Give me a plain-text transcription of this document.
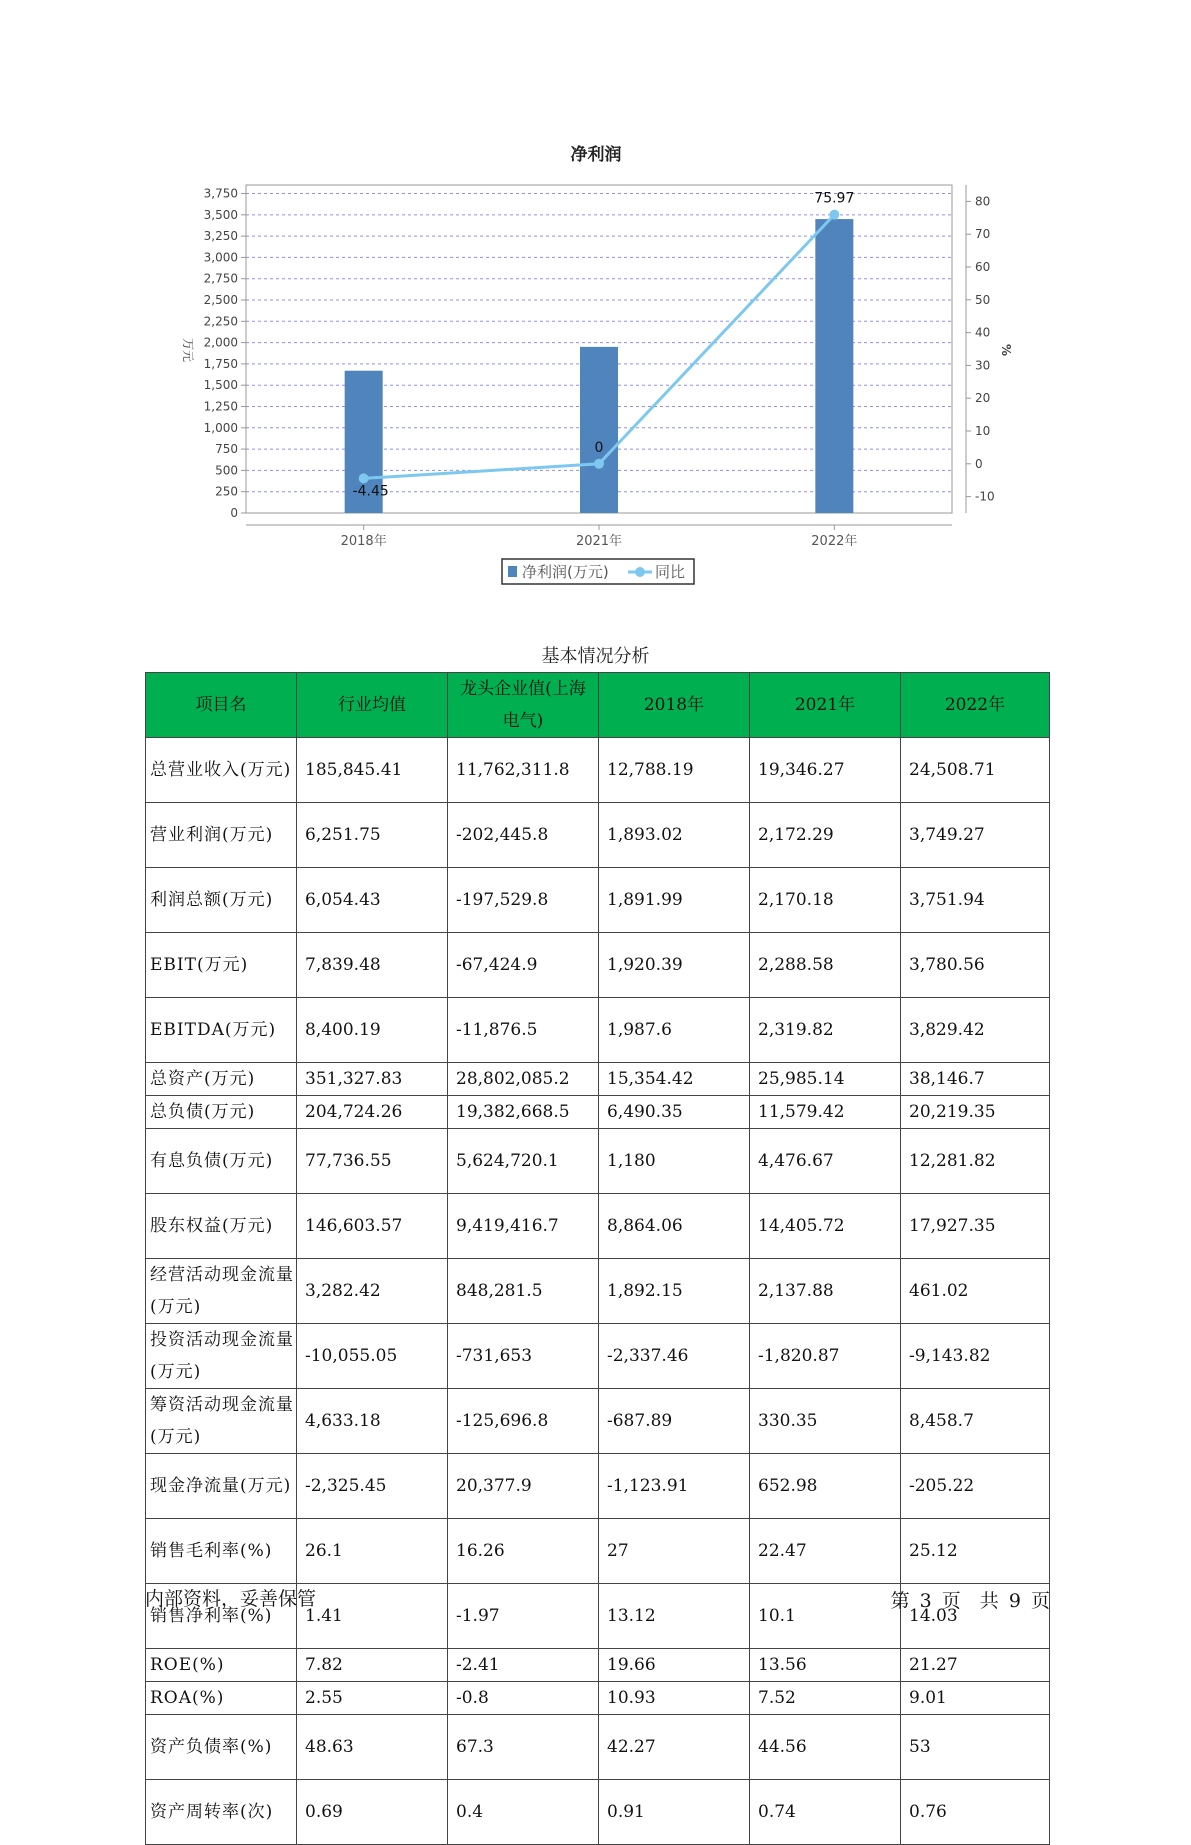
净利润
0
250
500
750
1,000
1,250
1,500
1,750
2,000
2,250
2,500
2,750
3,000
3,250
3,500
3,750
-10
0
10
20
30
40
50
60
70
80
2018年	2021年	2022年
-4.45
0
75.97
万元	%
净利润(万元)	同比
基本情况分析
项目名	行业均值	龙头企业值(上海电气)	2018年	2021年	2022年
总营业收入(万元)	185,845.41	11,762,311.8	12,788.19	19,346.27	24,508.71
营业利润(万元)	6,251.75	-202,445.8	1,893.02	2,172.29	3,749.27
利润总额(万元)	6,054.43	-197,529.8	1,891.99	2,170.18	3,751.94
EBIT(万元)	7,839.48	-67,424.9	1,920.39	2,288.58	3,780.56
EBITDA(万元)	8,400.19	-11,876.5	1,987.6	2,319.82	3,829.42
总资产(万元)	351,327.83	28,802,085.2	15,354.42	25,985.14	38,146.7
总负债(万元)	204,724.26	19,382,668.5	6,490.35	11,579.42	20,219.35
有息负债(万元)	77,736.55	5,624,720.1	1,180	4,476.67	12,281.82
股东权益(万元)	146,603.57	9,419,416.7	8,864.06	14,405.72	17,927.35
经营活动现金流量(万元)	3,282.42	848,281.5	1,892.15	2,137.88	461.02
投资活动现金流量(万元)	-10,055.05	-731,653	-2,337.46	-1,820.87	-9,143.82
筹资活动现金流量(万元)	4,633.18	-125,696.8	-687.89	330.35	8,458.7
现金净流量(万元)	-2,325.45	20,377.9	-1,123.91	652.98	-205.22
销售毛利率(%)	26.1	16.26	27	22.47	25.12
销售净利率(%)	1.41	-1.97	13.12	10.1	14.03
ROE(%)	7.82	-2.41	19.66	13.56	21.27
ROA(%)	2.55	-0.8	10.93	7.52	9.01
资产负债率(%)	48.63	67.3	42.27	44.56	53
资产周转率(次)	0.69	0.4	0.91	0.74	0.76
内部资料，妥善保管	第 3 页　共 9 页
